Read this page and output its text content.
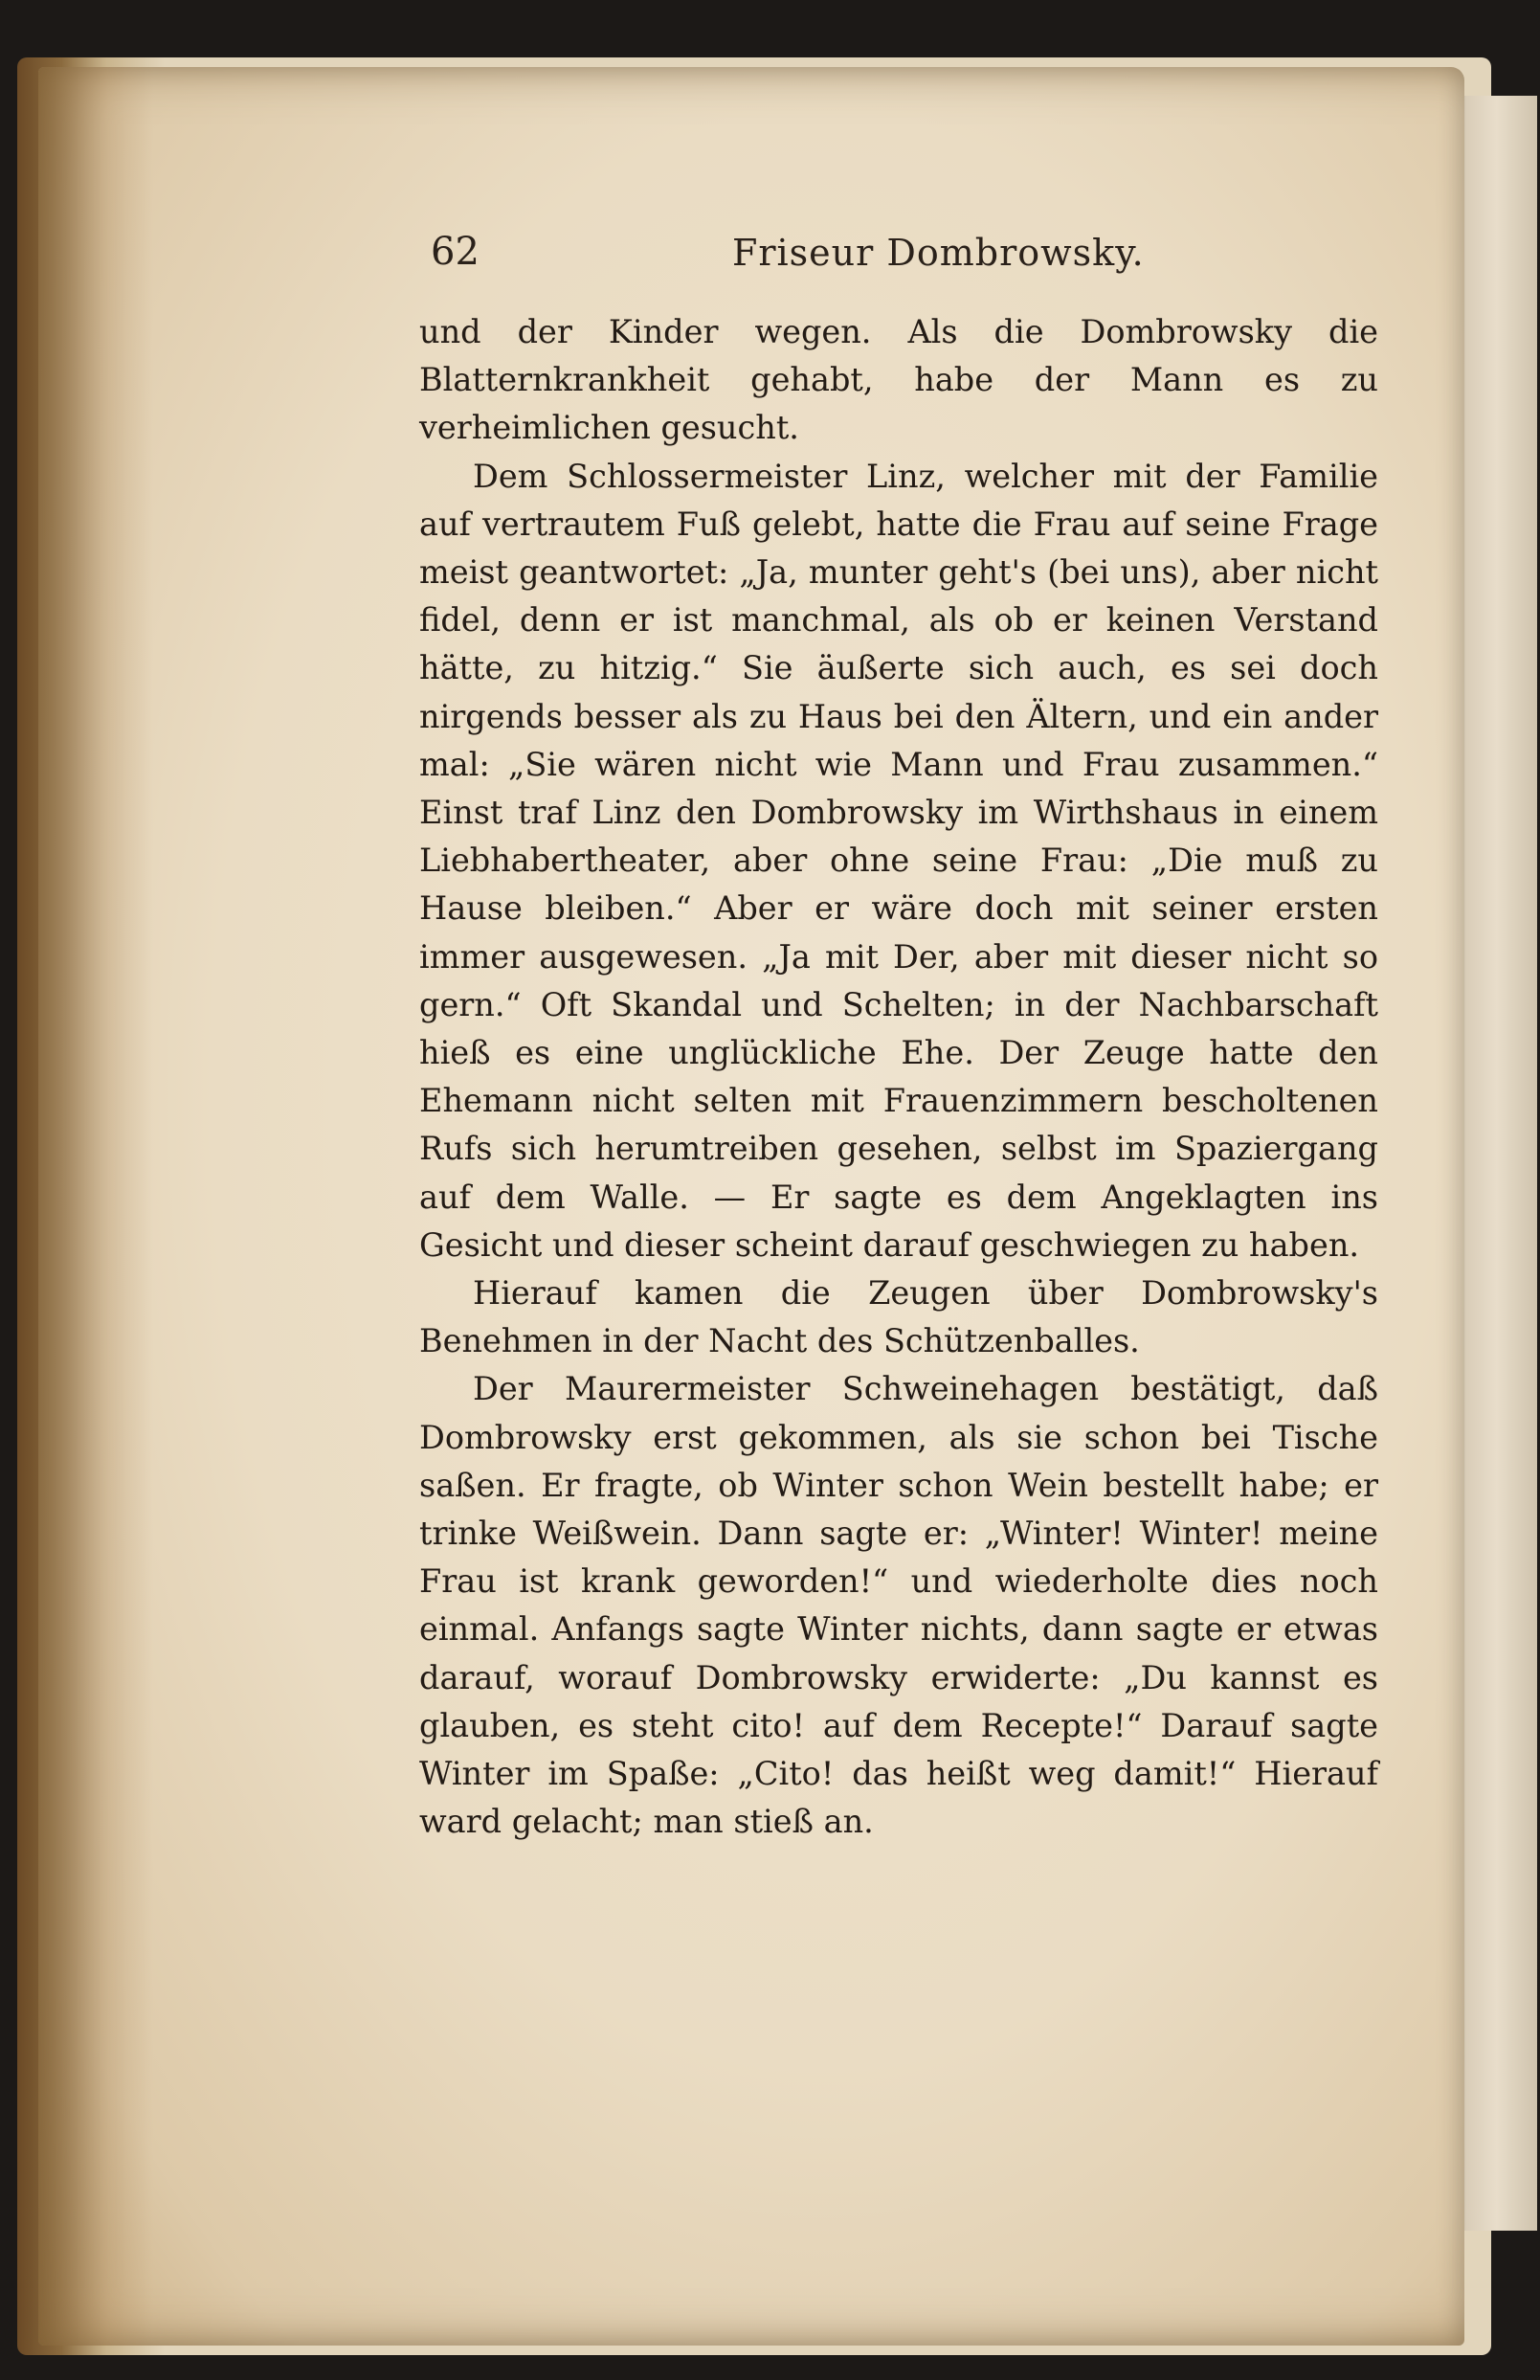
62	Friseur Dombrowsky.

und der Kinder wegen. Als die Dombrowsky die Blatternkrankheit gehabt, habe der Mann es zu verheimlichen gesucht.

Dem Schlossermeister Linz, welcher mit der Familie auf vertrautem Fuß gelebt, hatte die Frau auf seine Frage meist geantwortet: „Ja, munter geht's (bei uns), aber nicht fidel, denn er ist manchmal, als ob er keinen Verstand hätte, zu hitzig.“ Sie äußerte sich auch, es sei doch nirgends besser als zu Haus bei den Ältern, und ein ander mal: „Sie wären nicht wie Mann und Frau zusammen.“ Einst traf Linz den Dombrowsky im Wirthshaus in einem Liebhabertheater, aber ohne seine Frau: „Die muß zu Hause bleiben.“ Aber er wäre doch mit seiner ersten immer ausgewesen. „Ja mit Der, aber mit dieser nicht so gern.“ Oft Skandal und Schelten; in der Nachbarschaft hieß es eine unglückliche Ehe. Der Zeuge hatte den Ehemann nicht selten mit Frauenzimmern bescholtenen Rufs sich herumtreiben gesehen, selbst im Spaziergang auf dem Walle. — Er sagte es dem Angeklagten ins Gesicht und dieser scheint darauf geschwiegen zu haben.

Hierauf kamen die Zeugen über Dombrowsky's Benehmen in der Nacht des Schützenballes.

Der Maurermeister Schweinehagen bestätigt, daß Dombrowsky erst gekommen, als sie schon bei Tische saßen. Er fragte, ob Winter schon Wein bestellt habe; er trinke Weißwein. Dann sagte er: „Winter! Winter! meine Frau ist krank geworden!“ und wiederholte dies noch einmal. Anfangs sagte Winter nichts, dann sagte er etwas darauf, worauf Dombrowsky erwiderte: „Du kannst es glauben, es steht cito! auf dem Recepte!“ Darauf sagte Winter im Spaße: „Cito! das heißt weg damit!“ Hierauf ward gelacht; man stieß an.
